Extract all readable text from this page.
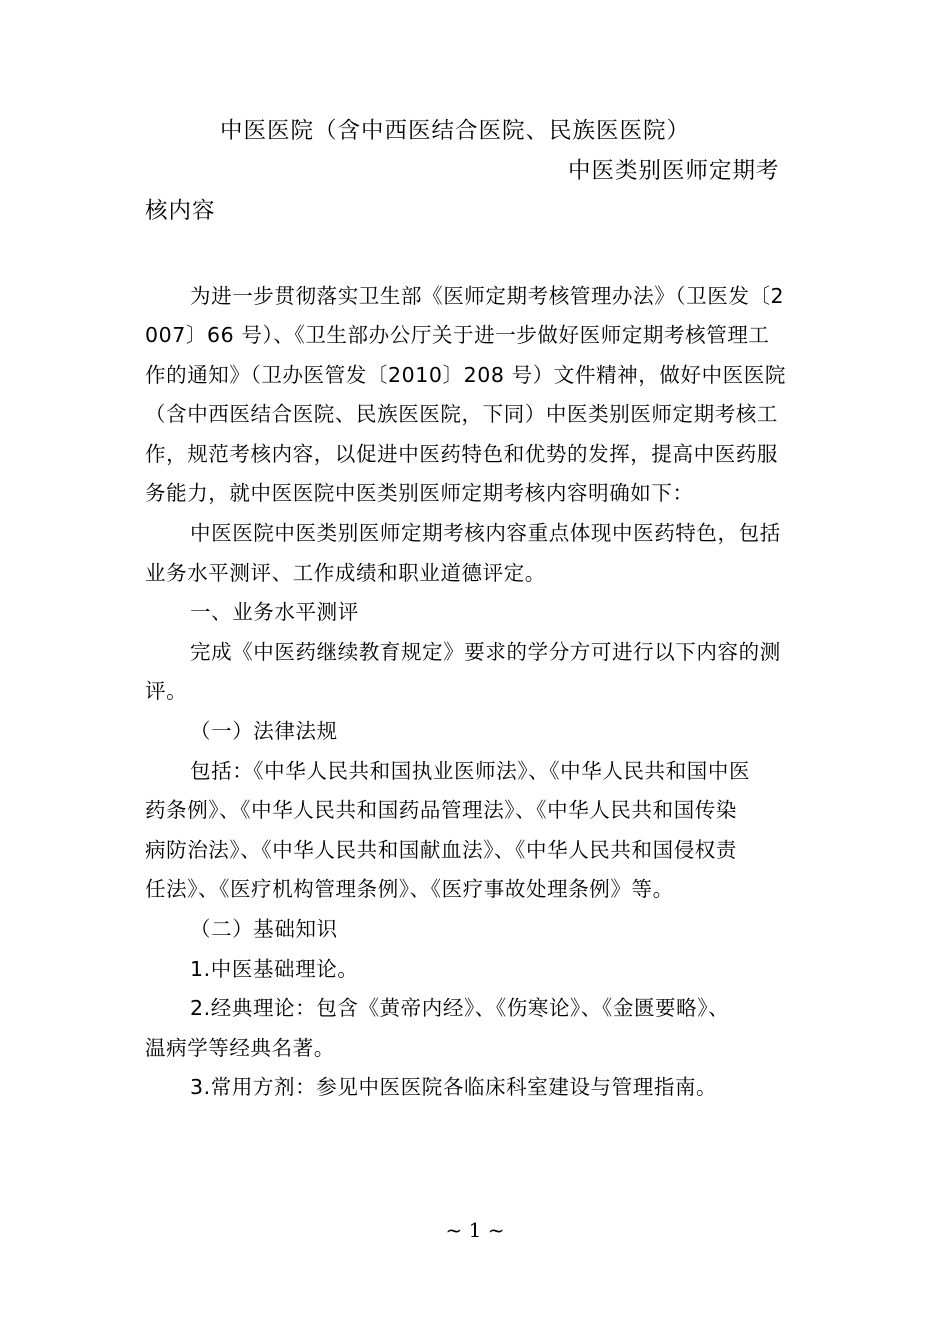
中医医院（含中西医结合医院、民族医医院）
中医类别医师定期考
核内容
为进一步贯彻落实卫生部《医师定期考核管理办法》（卫医发〔2
007〕66 号）、《卫生部办公厅关于进一步做好医师定期考核管理工
作的通知》（卫办医管发〔2010〕208 号）文件精神，做好中医医院
（含中西医结合医院、民族医医院，下同）中医类别医师定期考核工
作，规范考核内容，以促进中医药特色和优势的发挥，提高中医药服
务能力，就中医医院中医类别医师定期考核内容明确如下：
中医医院中医类别医师定期考核内容重点体现中医药特色，包括
业务水平测评、工作成绩和职业道德评定。
一、业务水平测评
完成《中医药继续教育规定》要求的学分方可进行以下内容的测
评。
（一）法律法规
包括：《中华人民共和国执业医师法》、《中华人民共和国中医
药条例》、《中华人民共和国药品管理法》、《中华人民共和国传染
病防治法》、《中华人民共和国献血法》、《中华人民共和国侵权责
任法》、《医疗机构管理条例》、《医疗事故处理条例》等。
（二）基础知识
1.中医基础理论。
2.经典理论：包含《黄帝内经》、《伤寒论》、《金匮要略》、
温病学等经典名著。
3.常用方剂：参见中医医院各临床科室建设与管理指南。
~ 1 ~
